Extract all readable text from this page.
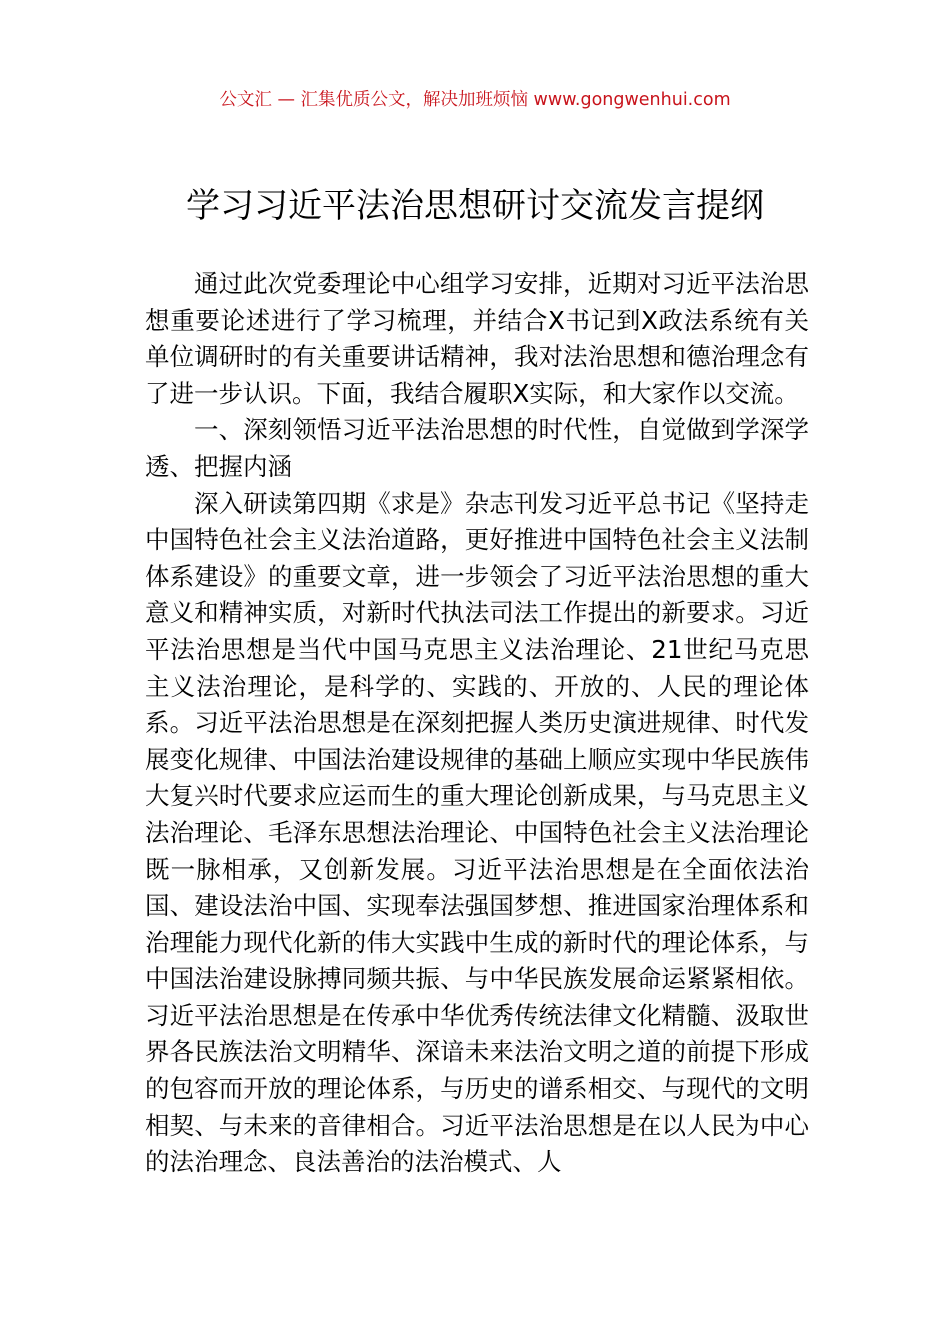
公文汇 — 汇集优质公文，解决加班烦恼 www.gongwenhui.com
学习习近平法治思想研讨交流发言提纲

通过此次党委理论中心组学习安排，近期对习近平法治思想重要论述进行了学习梳理，并结合X书记到X政法系统有关单位调研时的有关重要讲话精神，我对法治思想和德治理念有了进一步认识。下面，我结合履职X实际，和大家作以交流。

一、深刻领悟习近平法治思想的时代性，自觉做到学深学透、把握内涵

深入研读第四期《求是》杂志刊发习近平总书记《坚持走中国特色社会主义法治道路，更好推进中国特色社会主义法制体系建设》的重要文章，进一步领会了习近平法治思想的重大意义和精神实质，对新时代执法司法工作提出的新要求。习近平法治思想是当代中国马克思主义法治理论、21世纪马克思主义法治理论，是科学的、实践的、开放的、人民的理论体系。习近平法治思想是在深刻把握人类历史演进规律、时代发展变化规律、中国法治建设规律的基础上顺应实现中华民族伟大复兴时代要求应运而生的重大理论创新成果，与马克思主义法治理论、毛泽东思想法治理论、中国特色社会主义法治理论既一脉相承，又创新发展。习近平法治思想是在全面依法治国、建设法治中国、实现奉法强国梦想、推进国家治理体系和治理能力现代化新的伟大实践中生成的新时代的理论体系，与中国法治建设脉搏同频共振、与中华民族发展命运紧紧相依。习近平法治思想是在传承中华优秀传统法律文化精髓、汲取世界各民族法治文明精华、深谙未来法治文明之道的前提下形成的包容而开放的理论体系，与历史的谱系相交、与现代的文明相契、与未来的音律相合。习近平法治思想是在以人民为中心的法治理念、良法善治的法治模式、人
